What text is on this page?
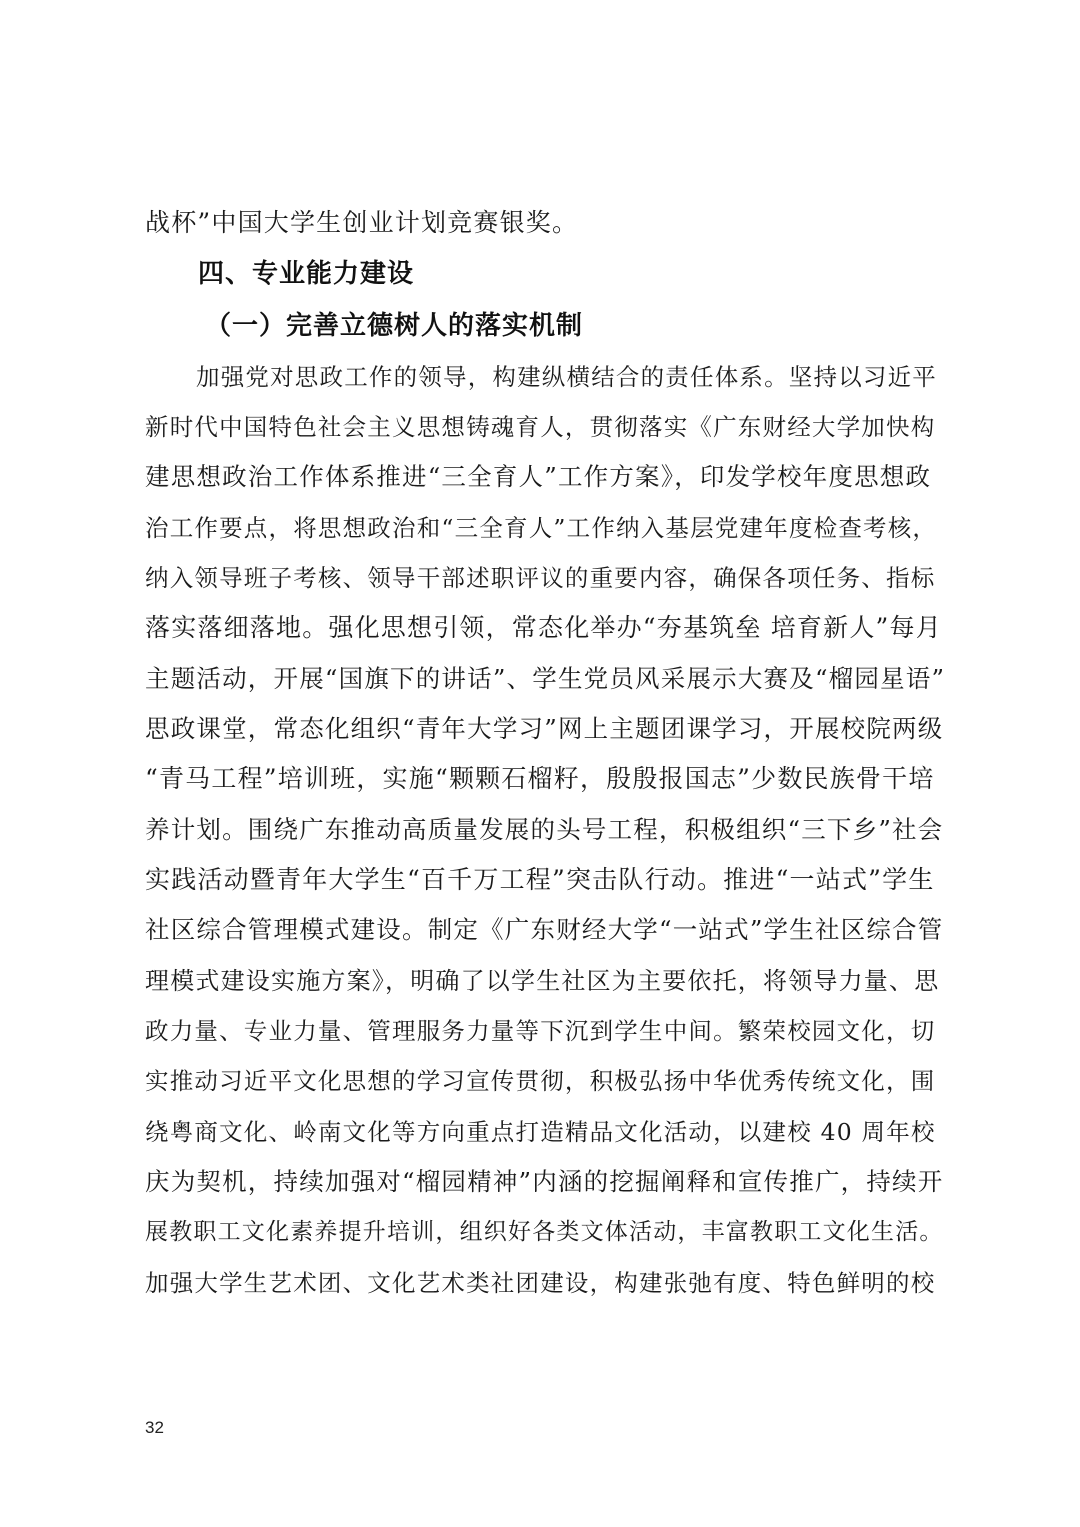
战杯”中国大学生创业计划竞赛银奖。
四、专业能力建设
（一）完善立德树人的落实机制
加强党对思政工作的领导，构建纵横结合的责任体系。坚持以习近平
新时代中国特色社会主义思想铸魂育人，贯彻落实《广东财经大学加快构
建思想政治工作体系推进“三全育人”工作方案》，印发学校年度思想政
治工作要点，将思想政治和“三全育人”工作纳入基层党建年度检查考核，
纳入领导班子考核、领导干部述职评议的重要内容，确保各项任务、指标
落实落细落地。强化思想引领，常态化举办“夯基筑垒 培育新人”每月
主题活动，开展“国旗下的讲话”、学生党员风采展示大赛及“榴园星语”
思政课堂，常态化组织“青年大学习”网上主题团课学习，开展校院两级
“青马工程”培训班，实施“颗颗石榴籽，殷殷报国志”少数民族骨干培
养计划。围绕广东推动高质量发展的头号工程，积极组织“三下乡”社会
实践活动暨青年大学生“百千万工程”突击队行动。推进“一站式”学生
社区综合管理模式建设。制定《广东财经大学“一站式”学生社区综合管
理模式建设实施方案》，明确了以学生社区为主要依托，将领导力量、思
政力量、专业力量、管理服务力量等下沉到学生中间。繁荣校园文化，切
实推动习近平文化思想的学习宣传贯彻，积极弘扬中华优秀传统文化，围
绕粤商文化、岭南文化等方向重点打造精品文化活动，以建校 40 周年校
庆为契机，持续加强对“榴园精神”内涵的挖掘阐释和宣传推广，持续开
展教职工文化素养提升培训，组织好各类文体活动，丰富教职工文化生活。
加强大学生艺术团、文化艺术类社团建设，构建张弛有度、特色鲜明的校
32
